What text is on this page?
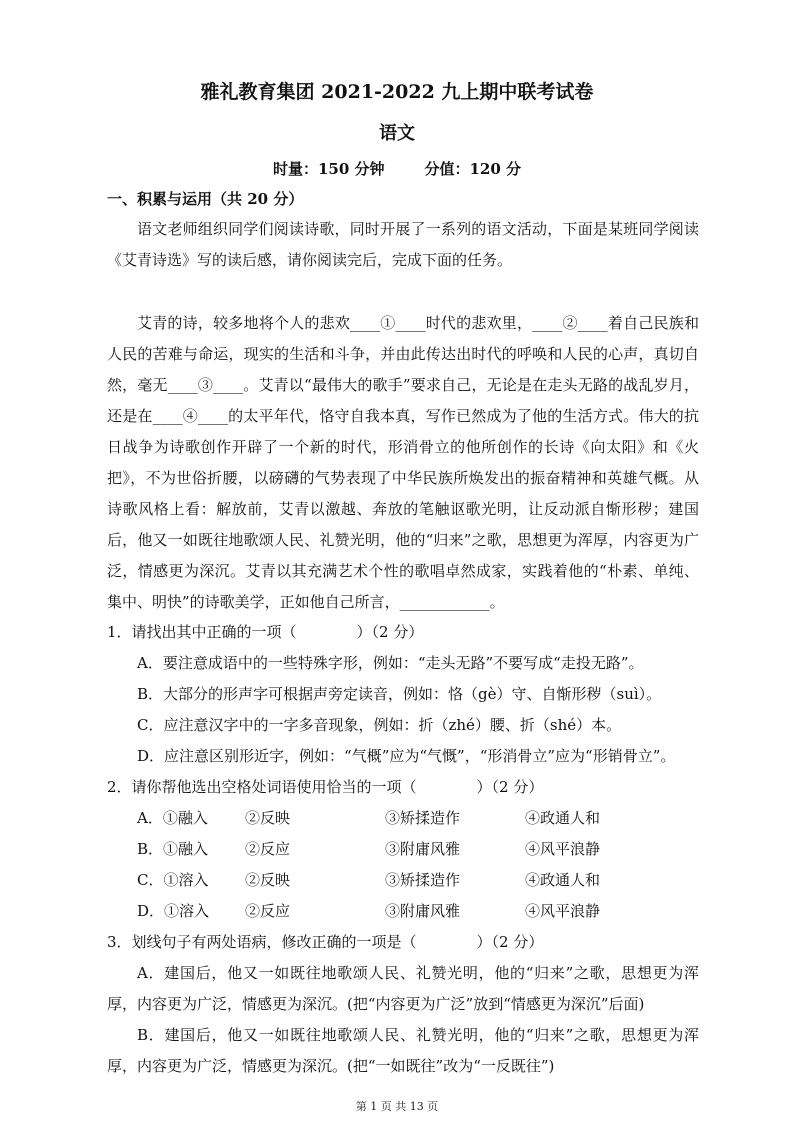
雅礼教育集团 2021-2022 九上期中联考试卷
语文
时量：150 分钟	分值：120 分
一、积累与运用（共 20 分）
语文老师组织同学们阅读诗歌，同时开展了一系列的语文活动，下面是某班同学阅读《艾青诗选》写的读后感，请你阅读完后，完成下面的任务。
艾青的诗，较多地将个人的悲欢____①____时代的悲欢里，____②____着自己民族和人民的苦难与命运，现实的生活和斗争，并由此传达出时代的呼唤和人民的心声，真切自然，毫无____③____。艾青以“最伟大的歌手”要求自己，无论是在走头无路的战乱岁月，还是在____④____的太平年代，恪守自我本真，写作已然成为了他的生活方式。伟大的抗日战争为诗歌创作开辟了一个新的时代，形消骨立的他所创作的长诗《向太阳》和《火把》，不为世俗折腰，以磅礴的气势表现了中华民族所焕发出的振奋精神和英雄气概。从诗歌风格上看：解放前，艾青以激越、奔放的笔触讴歌光明，让反动派自惭形秽；建国后，他又一如既往地歌颂人民、礼赞光明，他的“归来”之歌，思想更为浑厚，内容更为广泛，情感更为深沉。艾青以其充满艺术个性的歌唱卓然成家，实践着他的“朴素、单纯、集中、明快”的诗歌美学，正如他自己所言，____________。
1．请找出其中正确的一项（　　　　）（2 分）
A．要注意成语中的一些特殊字形，例如：“走头无路”不要写成“走投无路”。
B．大部分的形声字可根据声旁定读音，例如：恪（gè）守、自惭形秽（suì）。
C．应注意汉字中的一字多音现象，例如：折（zhé）腰、折（shé）本。
D．应注意区别形近字，例如：“气概”应为“气慨”，“形消骨立”应为“形销骨立”。
2．请你帮他选出空格处词语使用恰当的一项（　　　　）（2 分）
A．①融入 ②反映	③矫揉造作	④政通人和
B．①融入 ②反应	③附庸风雅	④风平浪静
C．①溶入 ②反映	③矫揉造作	④政通人和
D．①溶入 ②反应	③附庸风雅	④风平浪静
3．划线句子有两处语病，修改正确的一项是（　　　　）（2 分）
A．建国后，他又一如既往地歌颂人民、礼赞光明，他的“归来”之歌，思想更为浑厚，内容更为广泛，情感更为深沉。(把“内容更为广泛”放到“情感更为深沉”后面)
B．建国后，他又一如既往地歌颂人民、礼赞光明，他的“归来”之歌，思想更为浑厚，内容更为广泛，情感更为深沉。(把“一如既往”改为“一反既往”)
第 1 页 共 13 页
